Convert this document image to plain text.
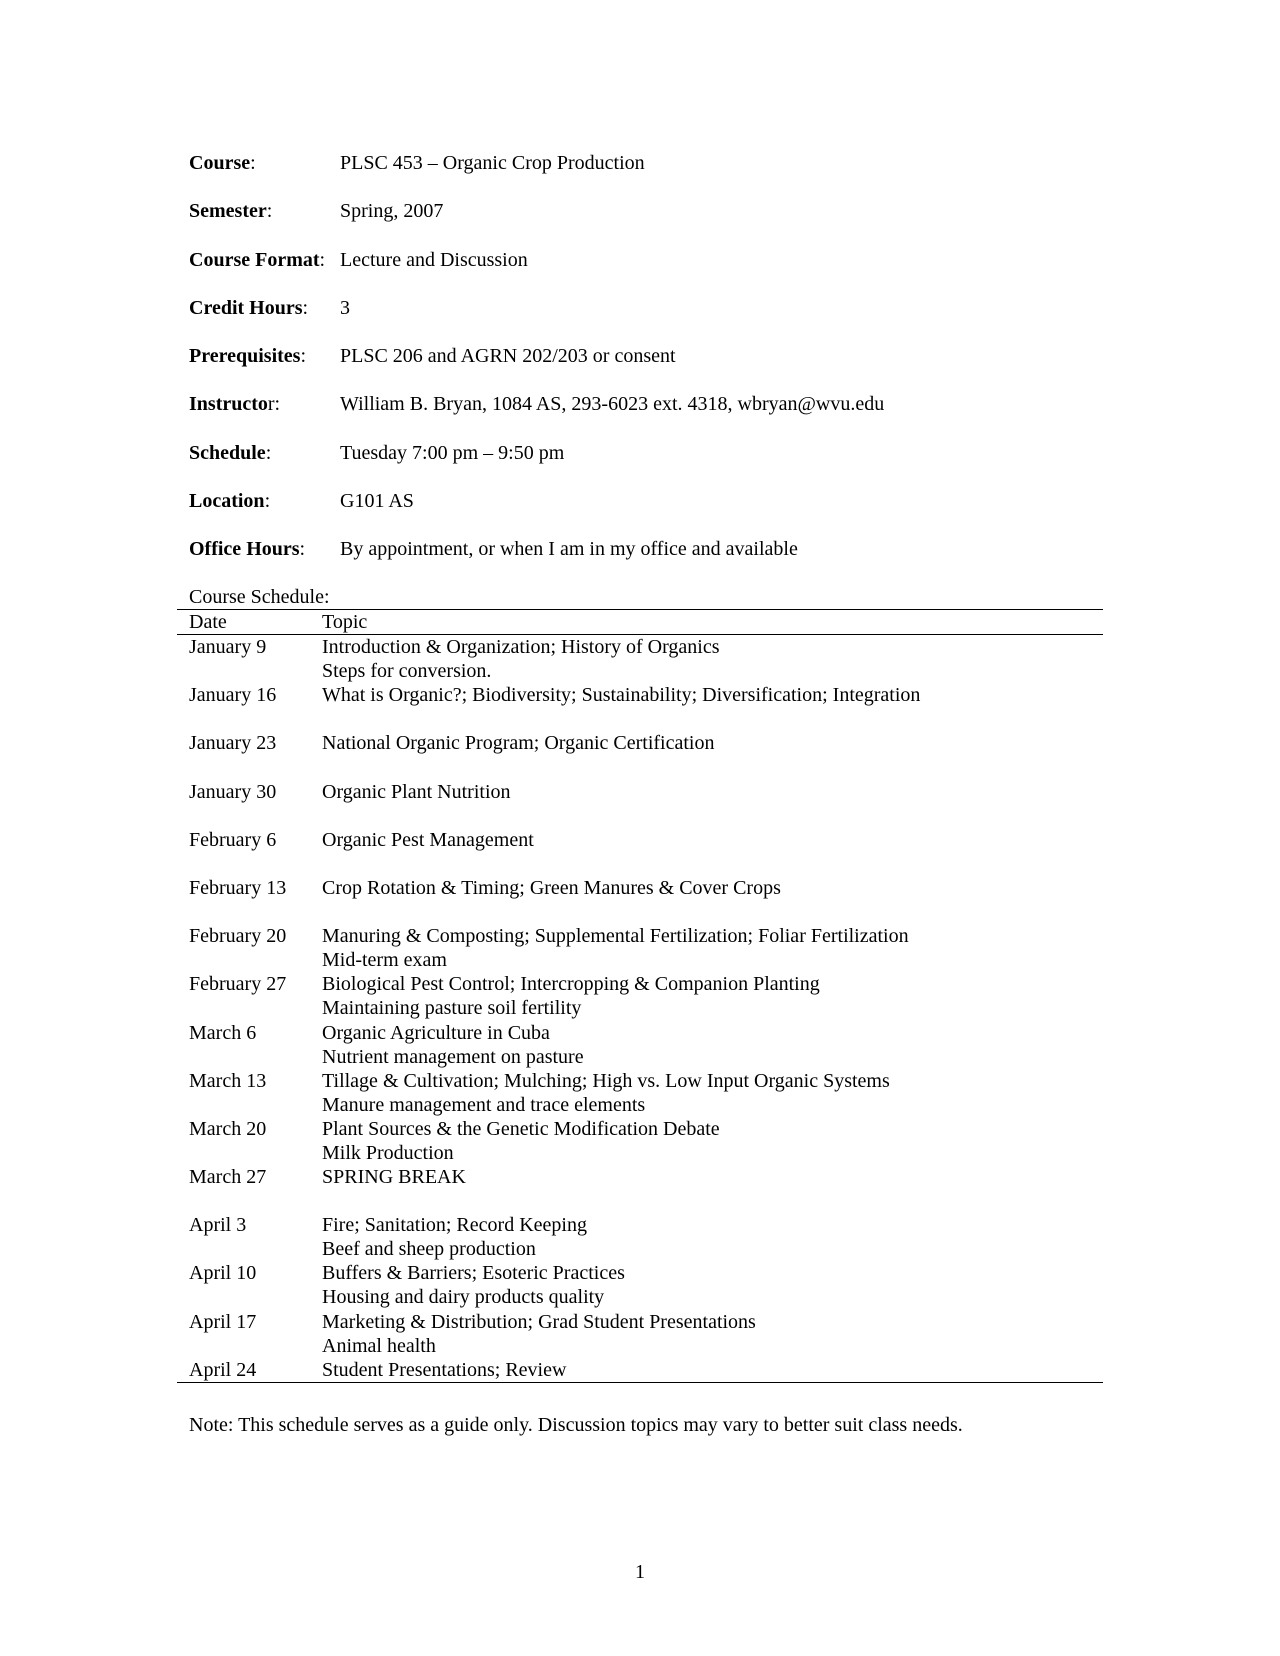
Course:	PLSC 453 – Organic Crop Production
Semester:	Spring, 2007
Course Format: Lecture and Discussion
Credit Hours: 3
Prerequisites: PLSC 206 and AGRN 202/203 or consent
Instructor:	William B. Bryan, 1084 AS, 293-6023 ext. 4318, wbryan@wvu.edu
Schedule:	Tuesday 7:00 pm – 9:50 pm
Location:	G101 AS
Office Hours: By appointment, or when I am in my office and available
Course Schedule:
Date	Topic
January 9	Introduction & Organization; History of Organics
Steps for conversion.
January 16 What is Organic?; Biodiversity; Sustainability; Diversification; Integration
January 23 National Organic Program; Organic Certification
January 30 Organic Plant Nutrition
February 6 Organic Pest Management
February 13 Crop Rotation & Timing; Green Manures & Cover Crops
February 20 Manuring & Composting; Supplemental Fertilization; Foliar Fertilization
Mid-term exam
February 27 Biological Pest Control; Intercropping & Companion Planting
Maintaining pasture soil fertility
March 6	Organic Agriculture in Cuba
Nutrient management on pasture
March 13	Tillage & Cultivation; Mulching; High vs. Low Input Organic Systems
Manure management and trace elements
March 20	Plant Sources & the Genetic Modification Debate
Milk Production
March 27	SPRING BREAK
April 3	Fire; Sanitation; Record Keeping
Beef and sheep production
April 10	Buffers & Barriers; Esoteric Practices
Housing and dairy products quality
April 17	Marketing & Distribution; Grad Student Presentations
Animal health
April 24	Student Presentations; Review
Note: This schedule serves as a guide only. Discussion topics may vary to better suit class needs.
1
